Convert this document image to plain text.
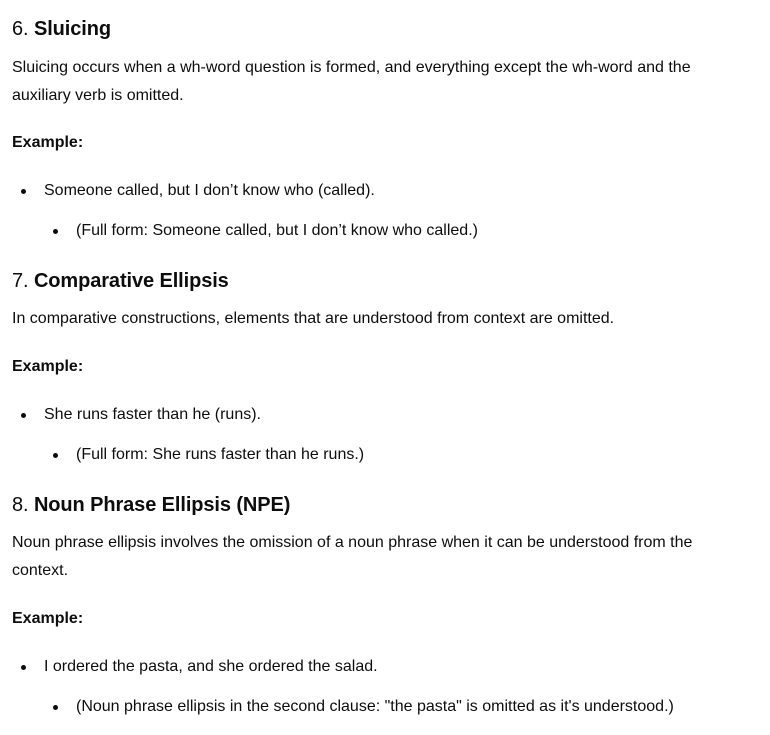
6. Sluicing

Sluicing occurs when a wh-word question is formed, and everything except the wh-word and the auxiliary verb is omitted.

Example:
Someone called, but I don’t know who (called).
(Full form: Someone called, but I don’t know who called.)
7. Comparative Ellipsis

In comparative constructions, elements that are understood from context are omitted.

Example:
She runs faster than he (runs).
(Full form: She runs faster than he runs.)
8. Noun Phrase Ellipsis (NPE)

Noun phrase ellipsis involves the omission of a noun phrase when it can be understood from the context.

Example:
I ordered the pasta, and she ordered the salad.
(Noun phrase ellipsis in the second clause: "the pasta" is omitted as it's understood.)
